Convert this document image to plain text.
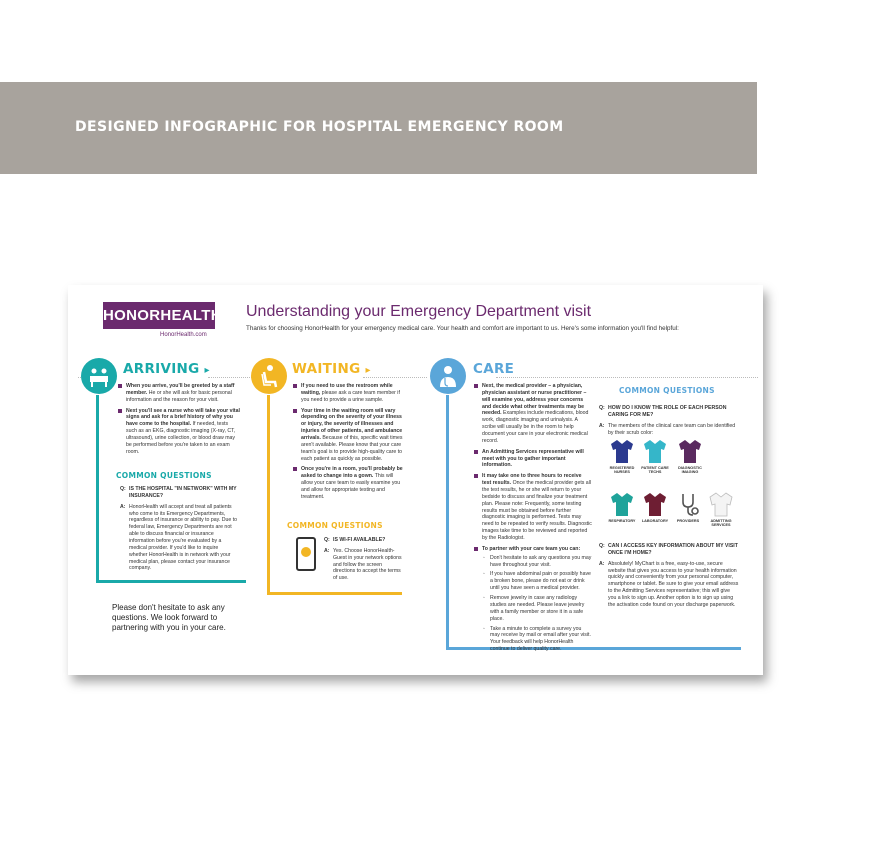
DESIGNED INFOGRAPHIC FOR HOSPITAL EMERGENCY ROOM
HONORHEALTH
HonorHealth.com
Understanding your Emergency Department visit
Thanks for choosing HonorHealth for your emergency medical care. Your health and comfort are important to us. Here's some information you'll find helpful:
ARRIVING ▸
When you arrive, you'll be greeted by a staff member. He or she will ask for basic personal information and the reason for your visit.
Next you'll see a nurse who will take your vital signs and ask for a brief history of why you have come to the hospital. If needed, tests such as an EKG, diagnostic imaging (X-ray, CT, ultrasound), urine collection, or blood draw may be performed before you're taken to an exam room.
COMMON QUESTIONS
Q: IS THE HOSPITAL "IN NETWORK" WITH MY INSURANCE?
A: HonorHealth will accept and treat all patients who come to its Emergency Departments, regardless of insurance or ability to pay. Due to federal law, Emergency Departments are not able to discuss financial or insurance information before you're evaluated by a medical provider. If you'd like to inquire whether HonorHealth is in network with your medical plan, please contact your insurance company.
Please don't hesitate to ask any questions. We look forward to partnering with you in your care.
WAITING ▸
If you need to use the restroom while waiting, please ask a care team member if you need to provide a urine sample.
Your time in the waiting room will vary depending on the severity of your illness or injury, the severity of illnesses and injuries of other patients, and ambulance arrivals. Because of this, specific wait times aren't available. Please know that your care team's goal is to provide high-quality care to each patient as quickly as possible.
Once you're in a room, you'll probably be asked to change into a gown. This will allow your care team to easily examine you and allow for appropriate testing and treatment.
COMMON QUESTIONS
Q: IS WI-FI AVAILABLE?
A: Yes. Choose HonorHealth-Guest in your network options and follow the screen directions to accept the terms of use.
CARE
Next, the medical provider – a physician, physician assistant or nurse practitioner – will examine you, address your concerns and decide what other treatments may be needed. Examples include medications, blood work, diagnostic imaging and urinalysis. A scribe will usually be in the room to help document your care in your electronic medical record.
An Admitting Services representative will meet with you to gather important information.
It may take one to three hours to receive test results. Once the medical provider gets all the test results, he or she will return to your bedside to discuss and finalize your treatment plan. Please note: Frequently, some testing results must be obtained before further diagnostic imaging is performed. Tests may need to be repeated to verify results. Diagnostic images take time to be reviewed and reported by the Radiologist.
To partner with your care team you can:
◦ Don't hesitate to ask any questions you may have throughout your visit.
◦ If you have abdominal pain or possibly have a broken bone, please do not eat or drink until you have seen a medical provider.
◦ Remove jewelry in case any radiology studies are needed. Please leave jewelry with a family member or store it in a safe place.
◦ Take a minute to complete a survey you may receive by mail or email after your visit. Your feedback will help HonorHealth continue to deliver quality care.
COMMON QUESTIONS
Q: HOW DO I KNOW THE ROLE OF EACH PERSON CARING FOR ME?
A: The members of the clinical care team can be identified by their scrub color:
REGISTERED NURSES
PATIENT CARE TECHS
DIAGNOSTIC IMAGING
RESPIRATORY	LABORATORY	PROVIDERS	ADMITTING SERVICES
Q: CAN I ACCESS KEY INFORMATION ABOUT MY VISIT ONCE I'M HOME?
A: Absolutely! MyChart is a free, easy-to-use, secure website that gives you access to your health information quickly and conveniently from your personal computer, smartphone or tablet. Be sure to give your email address to the Admitting Services representative; this will give you a link to sign up. Another option is to sign up using the activation code found on your discharge paperwork.
